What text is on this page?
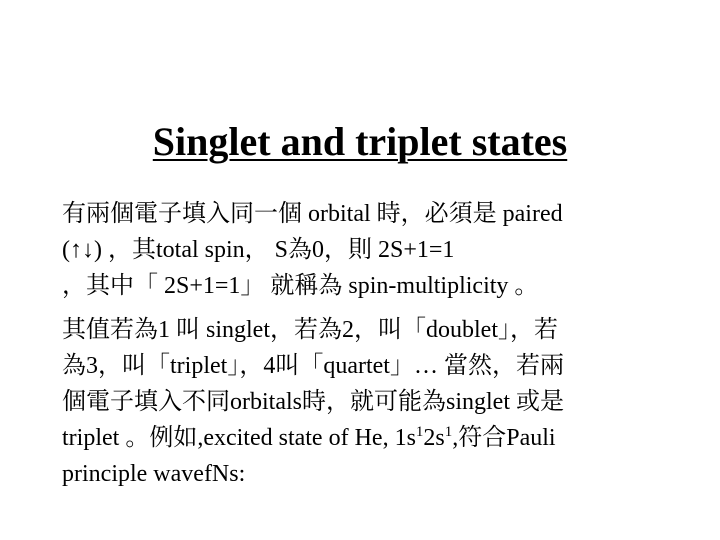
Singlet and triplet states
有兩個電子填入同一個 orbital 時，必須是 paired
(↑↓) ，其total spin， S為0，則 2S+1=1
，其中「 2S+1=1」 就稱為 spin-multiplicity 。
其值若為1 叫 singlet，若為2，叫「doublet」，若
為3，叫「triplet」，4叫「quartet」… 當然，若兩
個電子填入不同orbitals時，就可能為singlet 或是
triplet 。例如,excited state of He, $1s^12s^1$,符合Pauli
principle wavefNs:
